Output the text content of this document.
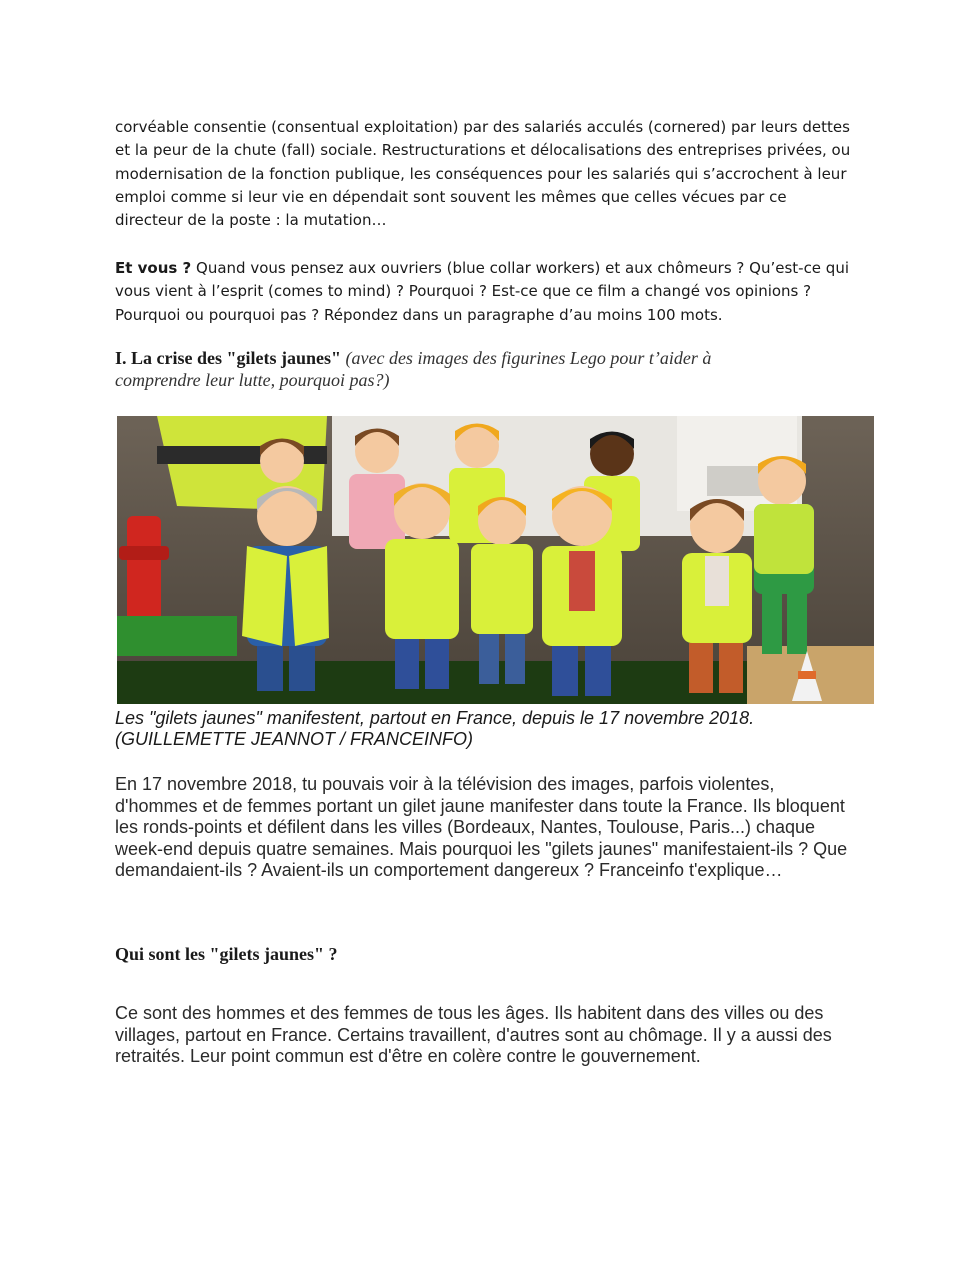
corvéable consentie (consentual exploitation) par des salariés acculés (cornered) par leurs dettes et la peur de la chute (fall) sociale. Restructurations et délocalisations des entreprises privées, ou modernisation de la fonction publique, les conséquences pour les salariés qui s’accrochent à leur emploi comme si leur vie en dépendait sont souvent les mêmes que celles vécues par ce directeur de la poste : la mutation…
Et vous ? Quand vous pensez aux ouvriers (blue collar workers) et aux chômeurs ? Qu’est-ce qui vous vient à l’esprit (comes to mind) ? Pourquoi ? Est-ce que ce film a changé vos opinions ? Pourquoi ou pourquoi pas ? Répondez dans un paragraphe d’au moins 100 mots.
I. La crise des "gilets jaunes" (avec des images des figurines Lego pour t’aider à comprendre leur lutte, pourquoi pas?)
Les "gilets jaunes" manifestent, partout en France, depuis le 17 novembre 2018. (GUILLEMETTE JEANNOT / FRANCEINFO)
En 17 novembre 2018, tu pouvais voir à la télévision des images, parfois violentes, d'hommes et de femmes portant un gilet jaune manifester dans toute la France. Ils bloquent les ronds-points et défilent dans les villes (Bordeaux, Nantes, Toulouse, Paris...) chaque week-end depuis quatre semaines. Mais pourquoi les "gilets jaunes" manifestaient-ils ? Que demandaient-ils ? Avaient-ils un comportement dangereux ? Franceinfo t'explique…
Qui sont les "gilets jaunes" ?
Ce sont des hommes et des femmes de tous les âges. Ils habitent dans des villes ou des villages, partout en France. Certains travaillent, d'autres sont au chômage. Il y a aussi des retraités. Leur point commun est d'être en colère contre le gouvernement.
